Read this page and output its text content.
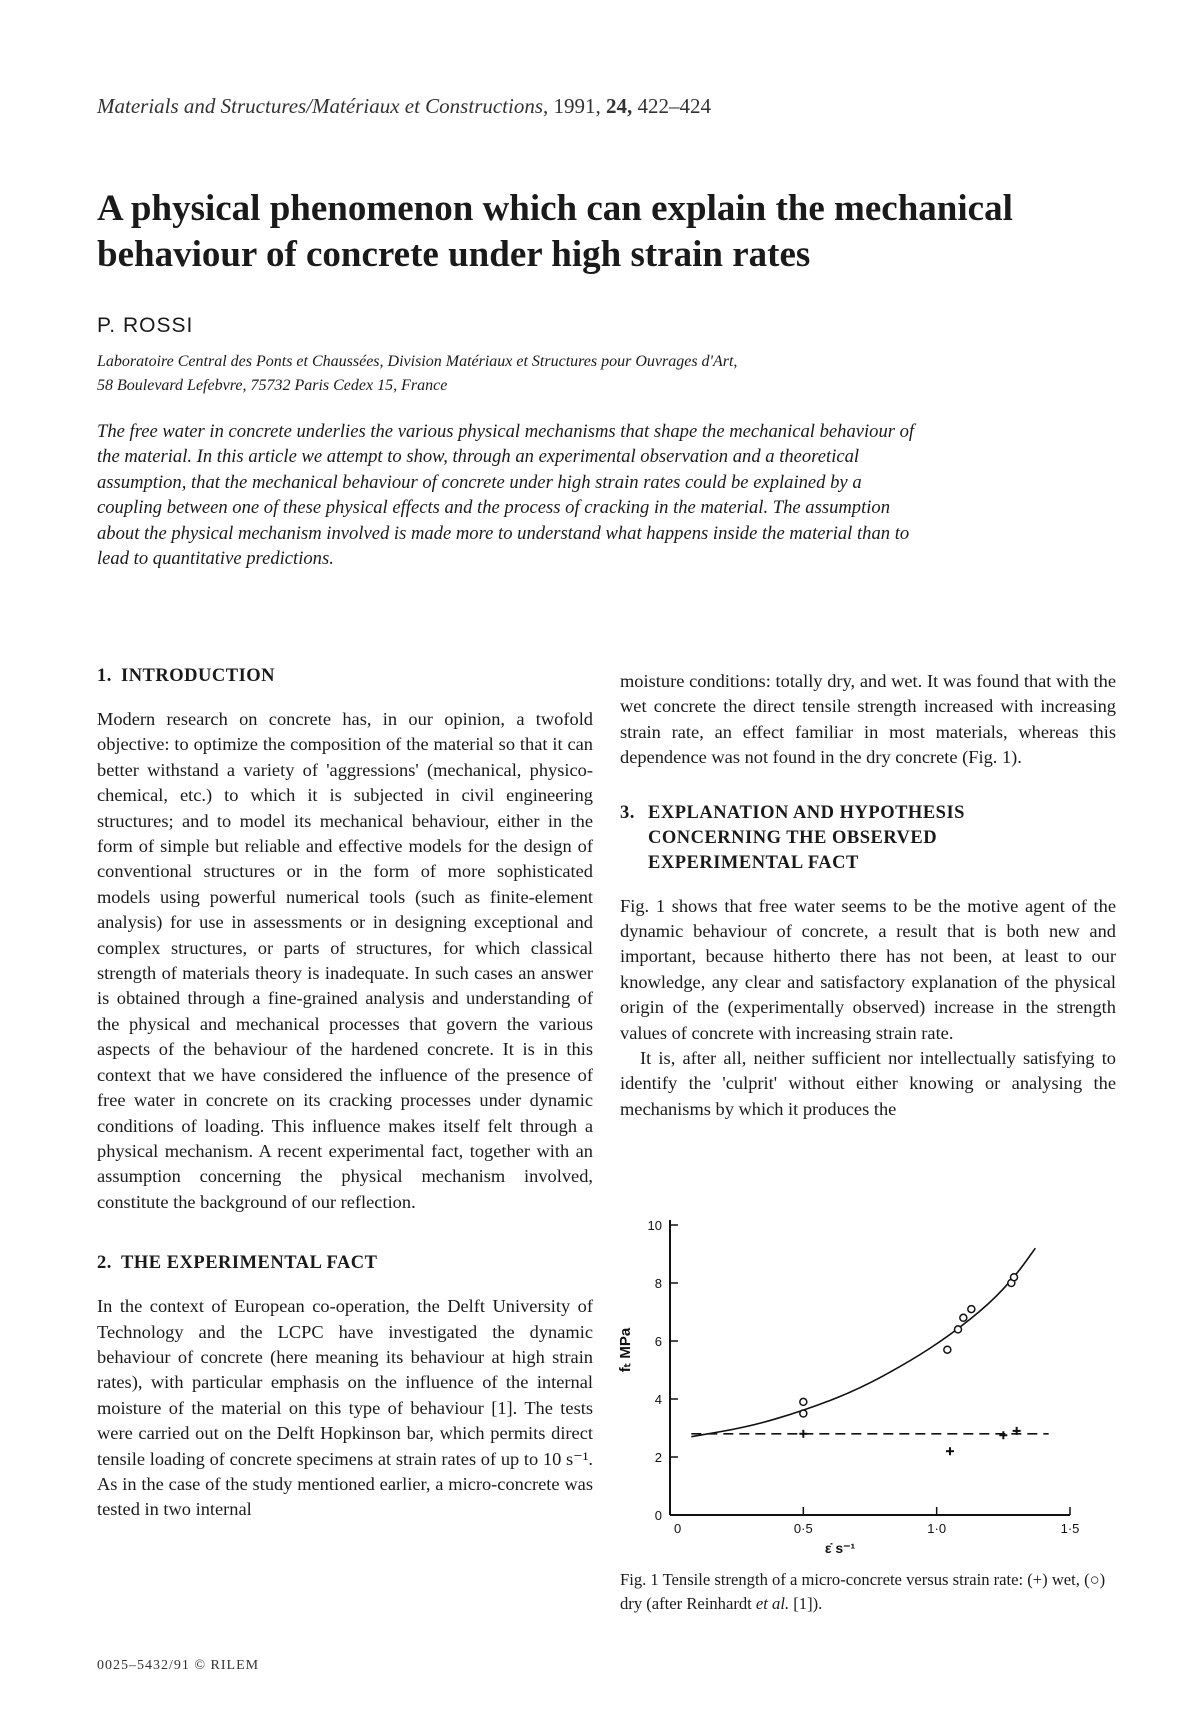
Materials and Structures/Matériaux et Constructions, 1991, 24, 422–424
A physical phenomenon which can explain the mechanical
behaviour of concrete under high strain rates
P. ROSSI
Laboratoire Central des Ponts et Chaussées, Division Matériaux et Structures pour Ouvrages d'Art,
58 Boulevard Lefebvre, 75732 Paris Cedex 15, France
The free water in concrete underlies the various physical mechanisms that shape the mechanical behaviour of the material. In this article we attempt to show, through an experimental observation and a theoretical assumption, that the mechanical behaviour of concrete under high strain rates could be explained by a coupling between one of these physical effects and the process of cracking in the material. The assumption about the physical mechanism involved is made more to understand what happens inside the material than to lead to quantitative predictions.
1. INTRODUCTION

Modern research on concrete has, in our opinion, a twofold objective: to optimize the composition of the material so that it can better withstand a variety of 'aggressions' (mechanical, physico-chemical, etc.) to which it is subjected in civil engineering structures; and to model its mechanical behaviour, either in the form of simple but reliable and effective models for the design of conventional structures or in the form of more sophisticated models using powerful numerical tools (such as finite-element analysis) for use in assessments or in designing exceptional and complex structures, or parts of structures, for which classical strength of materials theory is inadequate. In such cases an answer is obtained through a fine-grained analysis and understanding of the physical and mechanical processes that govern the various aspects of the behaviour of the hardened concrete. It is in this context that we have considered the influence of the presence of free water in concrete on its cracking processes under dynamic conditions of loading. This influence makes itself felt through a physical mechanism. A recent experimental fact, together with an assumption concerning the physical mechanism involved, constitute the background of our reflection.

2. THE EXPERIMENTAL FACT

In the context of European co-operation, the Delft University of Technology and the LCPC have investigated the dynamic behaviour of concrete (here meaning its behaviour at high strain rates), with particular emphasis on the influence of the internal moisture of the material on this type of behaviour [1]. The tests were carried out on the Delft Hopkinson bar, which permits direct tensile loading of concrete specimens at strain rates of up to 10 s⁻¹. As in the case of the study mentioned earlier, a micro-concrete was tested in two internal

moisture conditions: totally dry, and wet. It was found that with the wet concrete the direct tensile strength increased with increasing strain rate, an effect familiar in most materials, whereas this dependence was not found in the dry concrete (Fig. 1).

3. EXPLANATION AND HYPOTHESIS
CONCERNING THE OBSERVED
EXPERIMENTAL FACT

Fig. 1 shows that free water seems to be the motive agent of the dynamic behaviour of concrete, a result that is both new and important, because hitherto there has not been, at least to our knowledge, any clear and satisfactory explanation of the physical origin of the (experimentally observed) increase in the strength values of concrete with increasing strain rate.

It is, after all, neither sufficient nor intellectually satisfying to identify the 'culprit' without either knowing or analysing the mechanisms by which it produces the

0
2
4
6
8
10
0	0·5	1·0	1·5
ε̇ s⁻¹
fₜ MPa
Fig. 1 Tensile strength of a micro-concrete versus strain rate: (+) wet, (○) dry (after Reinhardt et al. [1]).
0025–5432/91 © RILEM
